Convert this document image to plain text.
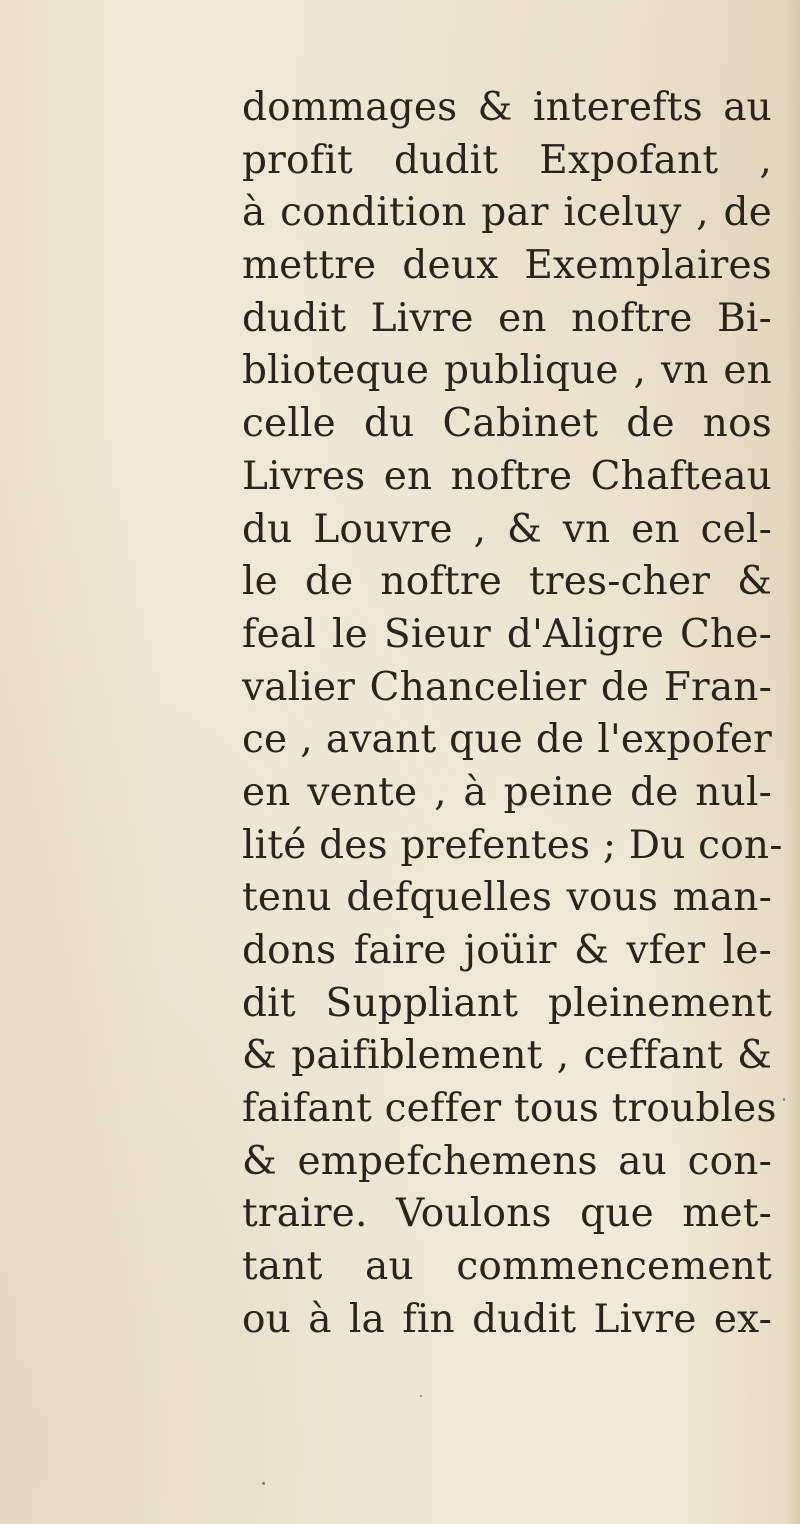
dommages & interefts au
profit dudit Expofant ,
à condition par iceluy , de
mettre deux Exemplaires
dudit Livre en noftre Bi-
blioteque publique , vn en
celle du Cabinet de nos
Livres en noftre Chafteau
du Louvre , & vn en cel-
le de noftre tres-cher &
feal le Sieur d'Aligre Che-
valier Chancelier de Fran-
ce , avant que de l'expofer
en vente , à peine de nul-
lité des prefentes ; Du con-
tenu defquelles vous man-
dons faire joüir & vfer le-
dit Suppliant pleinement
& paifiblement , ceffant &
faifant ceffer tous troubles
& empefchemens au con-
traire. Voulons que met-
tant au commencement
ou à la fin dudit Livre ex-
